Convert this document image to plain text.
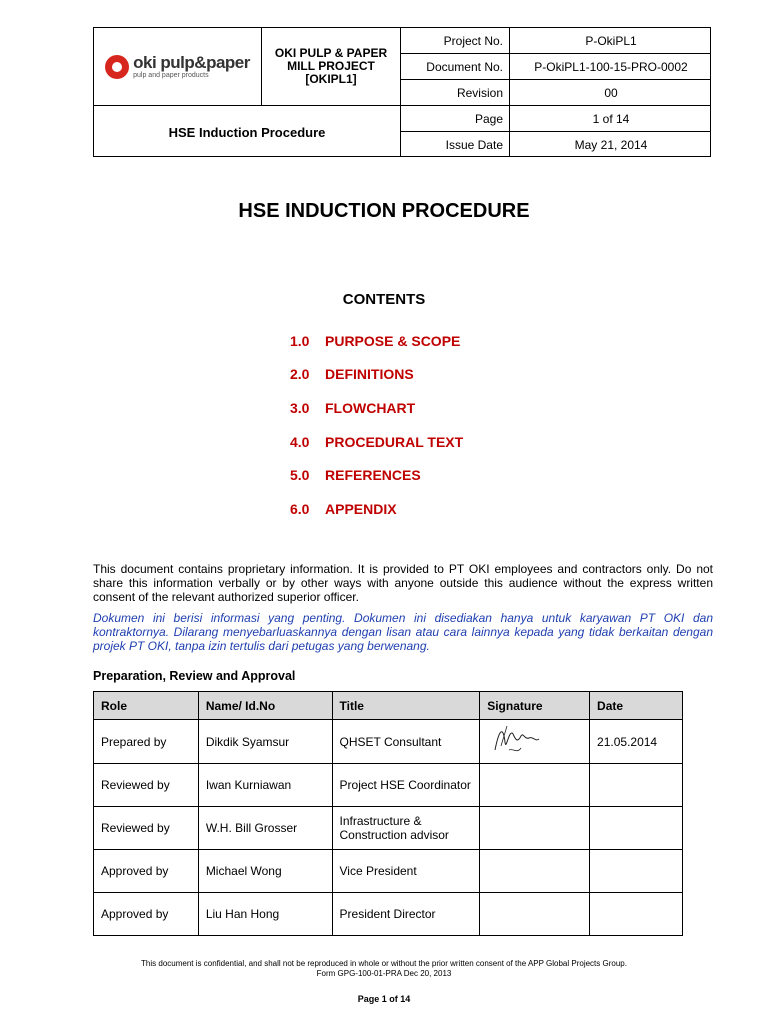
oki pulp&paper
pulp and paper products
OKI PULP & PAPER MILL PROJECT [OKIPL1]
HSE Induction Procedure
Project No.	P-OkiPL1
Document No.	P-OkiPL1-100-15-PRO-0002
Revision	00
Page	1 of 14
Issue Date	May 21, 2014
HSE INDUCTION PROCEDURE
CONTENTS
1.0	PURPOSE & SCOPE
2.0	DEFINITIONS
3.0	FLOWCHART
4.0	PROCEDURAL TEXT
5.0	REFERENCES
6.0	APPENDIX
This document contains proprietary information. It is provided to PT OKI employees and contractors only. Do not share this information verbally or by other ways with anyone outside this audience without the express written consent of the relevant authorized superior officer.
Dokumen ini berisi informasi yang penting. Dokumen ini disediakan hanya untuk karyawan PT OKI dan kontraktornya. Dilarang menyebarluaskannya dengan lisan atau cara lainnya kepada yang tidak berkaitan dengan projek PT OKI, tanpa izin tertulis dari petugas yang berwenang.
Preparation, Review and Approval
Role	Name/ Id.No	Title	Signature	Date
Prepared by	Dikdik Syamsur	QHSET Consultant		21.05.2014
Reviewed by	Iwan Kurniawan	Project HSE Coordinator		
Reviewed by	W.H. Bill Grosser	Infrastructure & Construction advisor		
Approved by	Michael Wong	Vice President		
Approved by	Liu Han Hong	President Director		
This document is confidential, and shall not be reproduced in whole or without the prior written consent of the APP Global Projects Group.
Form GPG-100-01-PRA Dec 20, 2013
Page 1 of 14
